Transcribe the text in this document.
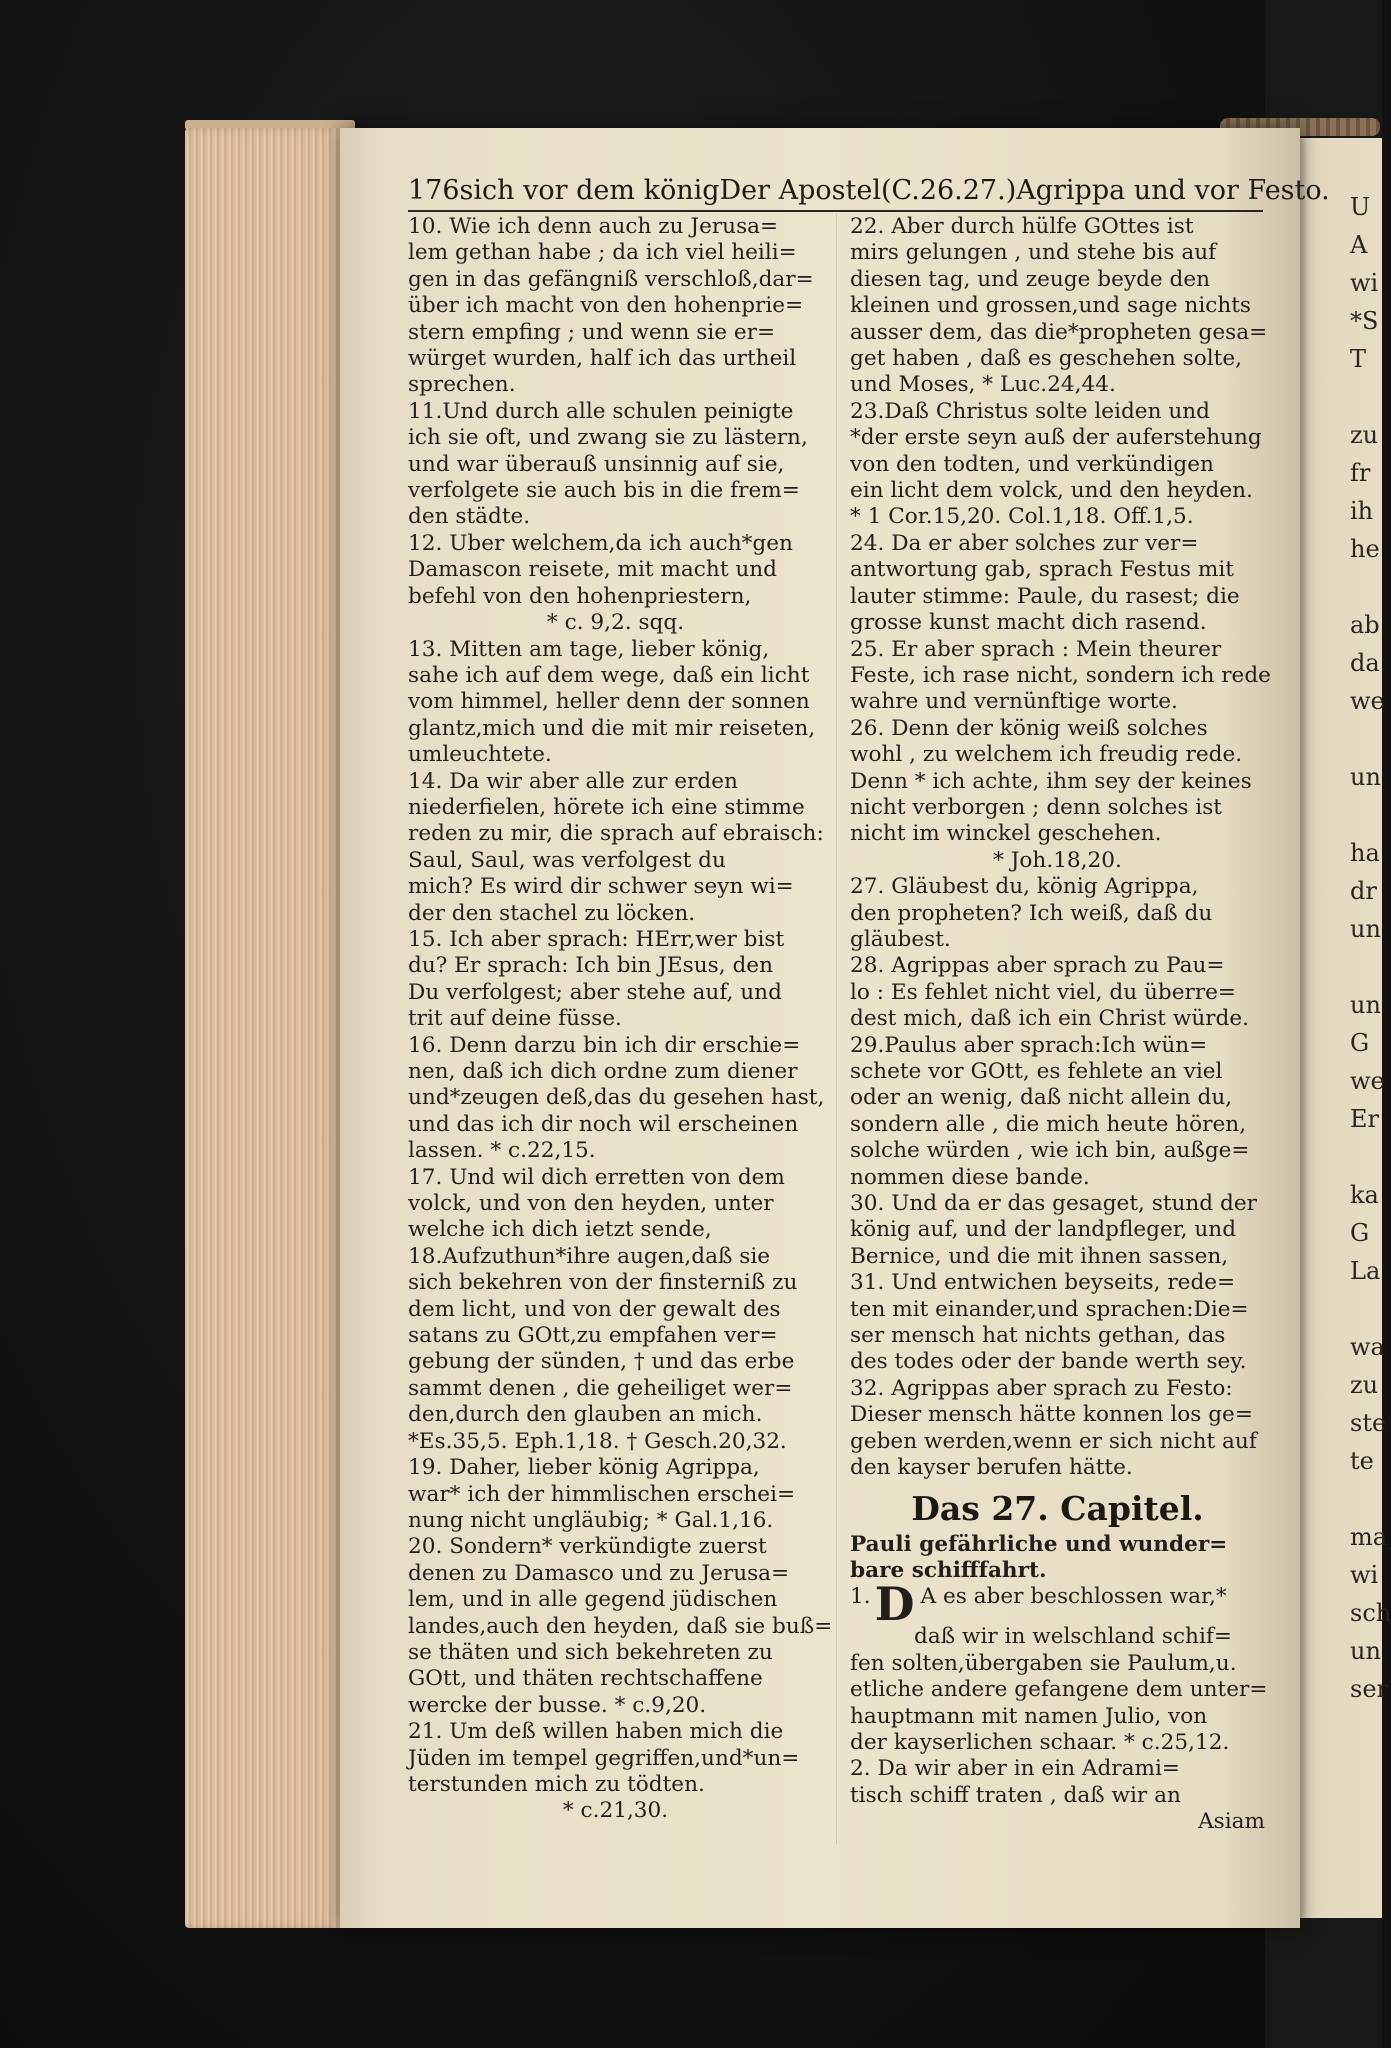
U
A
wi
*S
T

zu
fr
ih
he

ab
da
we

un

ha
dr
un

un
G
we
Er

ka
G
La

wa
zu
ste
te

ma
wi
sch
un
ser
176 sich vor dem könig Der Apostel (C.26.27.) Agrippa und vor Festo.
10. Wie ich denn auch zu Jerusa=
lem gethan habe ; da ich viel heili=
gen in das gefängniß verschloß,dar=
über ich macht von den hohenprie=
stern empfing ; und wenn sie er=
würget wurden, half ich das urtheil
sprechen.
11.Und durch alle schulen peinigte
ich sie oft, und zwang sie zu lästern,
und war überauß unsinnig auf sie,
verfolgete sie auch bis in die frem=
den städte.
12. Uber welchem,da ich auch*gen
Damascon reisete, mit macht und
befehl von den hohenpriestern,
* c. 9,2. sqq.
13. Mitten am tage, lieber könig,
sahe ich auf dem wege, daß ein licht
vom himmel, heller denn der sonnen
glantz,mich und die mit mir reiseten,
umleuchtete.
14. Da wir aber alle zur erden
niederfielen, hörete ich eine stimme
reden zu mir, die sprach auf ebraisch:
Saul, Saul, was verfolgest du
mich? Es wird dir schwer seyn wi=
der den stachel zu löcken.
15. Ich aber sprach: HErr,wer bist
du? Er sprach: Ich bin JEsus, den
Du verfolgest; aber stehe auf, und
trit auf deine füsse.
16. Denn darzu bin ich dir erschie=
nen, daß ich dich ordne zum diener
und*zeugen deß,das du gesehen hast,
und das ich dir noch wil erscheinen
lassen. * c.22,15.
17. Und wil dich erretten von dem
volck, und von den heyden, unter
welche ich dich ietzt sende,
18.Aufzuthun*ihre augen,daß sie
sich bekehren von der finsterniß zu
dem licht, und von der gewalt des
satans zu GOtt,zu empfahen ver=
gebung der sünden, † und das erbe
sammt denen , die geheiliget wer=
den,durch den glauben an mich.
*Es.35,5. Eph.1,18. † Gesch.20,32.
19. Daher, lieber könig Agrippa,
war* ich der himmlischen erschei=
nung nicht ungläubig; * Gal.1,16.
20. Sondern* verkündigte zuerst
denen zu Damasco und zu Jerusa=
lem, und in alle gegend jüdischen
landes,auch den heyden, daß sie buß=
se thäten und sich bekehreten zu
GOtt, und thäten rechtschaffene
wercke der busse. * c.9,20.
21. Um deß willen haben mich die
Jüden im tempel gegriffen,und*un=
terstunden mich zu tödten.
* c.21,30.
22. Aber durch hülfe GOttes ist
mirs gelungen , und stehe bis auf
diesen tag, und zeuge beyde den
kleinen und grossen,und sage nichts
ausser dem, das die*propheten gesa=
get haben , daß es geschehen solte,
und Moses, * Luc.24,44.
23.Daß Christus solte leiden und
*der erste seyn auß der auferstehung
von den todten, und verkündigen
ein licht dem volck, und den heyden.
* 1 Cor.15,20. Col.1,18. Off.1,5.
24. Da er aber solches zur ver=
antwortung gab, sprach Festus mit
lauter stimme: Paule, du rasest; die
grosse kunst macht dich rasend.
25. Er aber sprach : Mein theurer
Feste, ich rase nicht, sondern ich rede
wahre und vernünftige worte.
26. Denn der könig weiß solches
wohl , zu welchem ich freudig rede.
Denn * ich achte, ihm sey der keines
nicht verborgen ; denn solches ist
nicht im winckel geschehen.
* Joh.18,20.
27. Gläubest du, könig Agrippa,
den propheten? Ich weiß, daß du
gläubest.
28. Agrippas aber sprach zu Pau=
lo : Es fehlet nicht viel, du überre=
dest mich, daß ich ein Christ würde.
29.Paulus aber sprach:Ich wün=
schete vor GOtt, es fehlete an viel
oder an wenig, daß nicht allein du,
sondern alle , die mich heute hören,
solche würden , wie ich bin, außge=
nommen diese bande.
30. Und da er das gesaget, stund der
könig auf, und der landpfleger, und
Bernice, und die mit ihnen sassen,
31. Und entwichen beyseits, rede=
ten mit einander,und sprachen:Die=
ser mensch hat nichts gethan, das
des todes oder der bande werth sey.
32. Agrippas aber sprach zu Festo:
Dieser mensch hätte konnen los ge=
geben werden,wenn er sich nicht auf
den kayser berufen hätte.
Das 27. Capitel.
Pauli gefährliche und wunder=
bare schifffahrt.
1.D A es aber beschlossen war,*
daß wir in welschland schif=
fen solten,übergaben sie Paulum,u.
etliche andere gefangene dem unter=
hauptmann mit namen Julio, von
der kayserlichen schaar. * c.25,12.
2. Da wir aber in ein Adrami=
tisch schiff traten , daß wir an
Asiam
